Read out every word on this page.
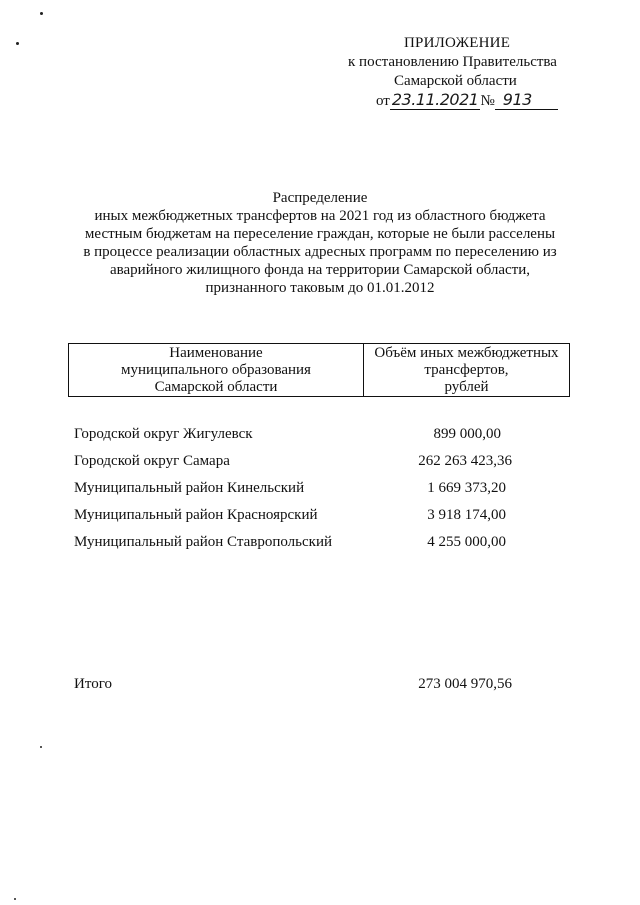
ПРИЛОЖЕНИЕ
к постановлению Правительства
Самарской области
от 23.11.2021 № 913
Распределение
иных межбюджетных трансфертов на 2021 год из областного бюджета
местным бюджетам на переселение граждан, которые не были расселены
в процессе реализации областных адресных программ по переселению из
аварийного жилищного фонда на территории Самарской области,
признанного таковым до 01.01.2012
Наименование
муниципального образования
Самарской области
Объём иных межбюджетных
трансфертов,
рублей
Городской округ Жигулевск	899 000,00
Городской округ Самара	262 263 423,36
Муниципальный район Кинельский	1 669 373,20
Муниципальный район Красноярский	3 918 174,00
Муниципальный район Ставропольский	4 255 000,00
Итого	273 004 970,56
